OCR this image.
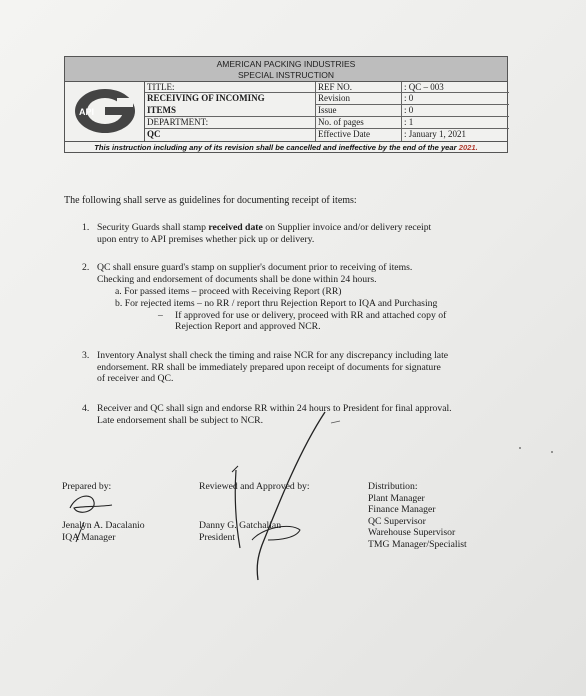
AMERICAN PACKING INDUSTRIES
SPECIAL INSTRUCTION
API
TITLE:	REF NO.	: QC – 003
RECEIVING OF INCOMING	Revision	: 0
ITEMS	Issue	: 0
DEPARTMENT:	No. of pages	: 1
QC	Effective Date	: January 1, 2021
This instruction including any of its revision shall be cancelled and ineffective by the end of the year 2021.
The following shall serve as guidelines for documenting receipt of items:
1. Security Guards shall stamp received date on Supplier invoice and/or delivery receipt
upon entry to API premises whether pick up or delivery.
2. QC shall ensure guard's stamp on supplier's document prior to receiving of items.
Checking and endorsement of documents shall be done within 24 hours.
a. For passed items – proceed with Receiving Report (RR)
b. For rejected items – no RR / report thru Rejection Report to IQA and Purchasing
– If approved for use or delivery, proceed with RR and attached copy of
Rejection Report and approved NCR.
3. Inventory Analyst shall check the timing and raise NCR for any discrepancy including late
endorsement. RR shall be immediately prepared upon receipt of documents for signature
of receiver and QC.
4. Receiver and QC shall sign and endorse RR within 24 hours to President for final approval.
Late endorsement shall be subject to NCR.
Prepared by:
Jenalyn A. Dacalanio
IQA Manager
Reviewed and Approved by:
Danny G. Gatchalian
President
Distribution:
Plant Manager
Finance Manager
QC Supervisor
Warehouse Supervisor
TMG Manager/Specialist
